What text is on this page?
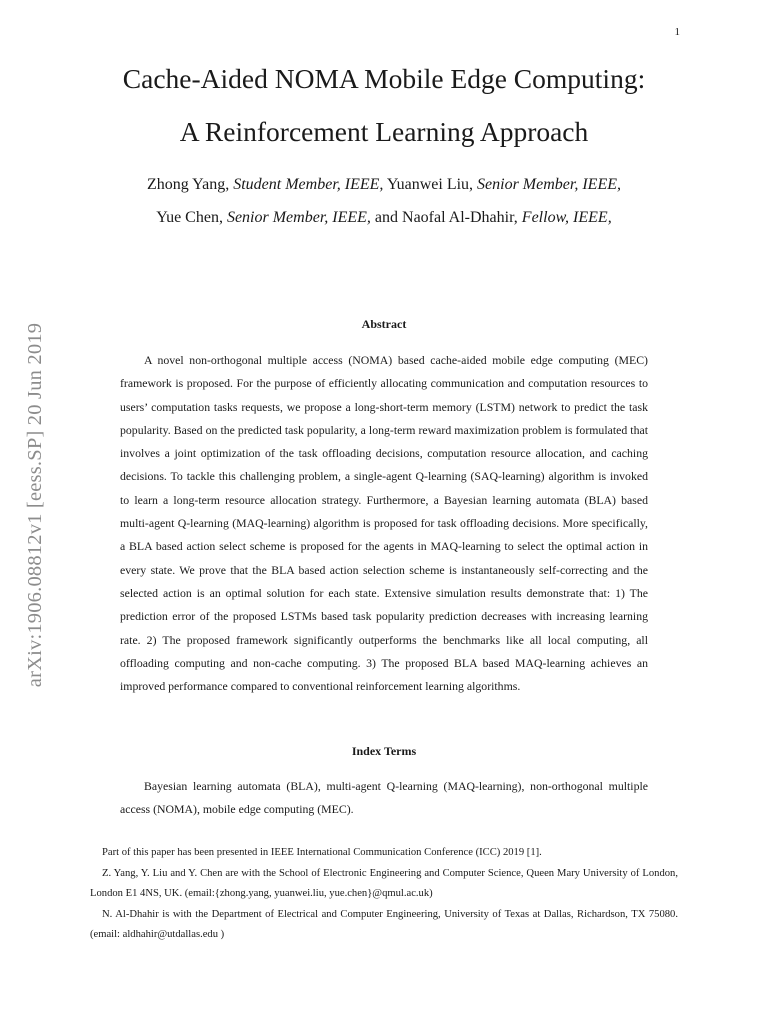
1
arXiv:1906.08812v1 [eess.SP] 20 Jun 2019
Cache-Aided NOMA Mobile Edge Computing:
A Reinforcement Learning Approach
Zhong Yang, Student Member, IEEE, Yuanwei Liu, Senior Member, IEEE,
Yue Chen, Senior Member, IEEE, and Naofal Al-Dhahir, Fellow, IEEE,
Abstract

A novel non-orthogonal multiple access (NOMA) based cache-aided mobile edge computing (MEC) framework is proposed. For the purpose of efficiently allocating communication and computation resources to users’ computation tasks requests, we propose a long-short-term memory (LSTM) network to predict the task popularity. Based on the predicted task popularity, a long-term reward maximization problem is formulated that involves a joint optimization of the task offloading decisions, computation resource allocation, and caching decisions. To tackle this challenging problem, a single-agent Q-learning (SAQ-learning) algorithm is invoked to learn a long-term resource allocation strategy. Furthermore, a Bayesian learning automata (BLA) based multi-agent Q-learning (MAQ-learning) algorithm is proposed for task offloading decisions. More specifically, a BLA based action select scheme is proposed for the agents in MAQ-learning to select the optimal action in every state. We prove that the BLA based action selection scheme is instantaneously self-correcting and the selected action is an optimal solution for each state. Extensive simulation results demonstrate that: 1) The prediction error of the proposed LSTMs based task popularity prediction decreases with increasing learning rate. 2) The proposed framework significantly outperforms the benchmarks like all local computing, all offloading computing and non-cache computing. 3) The proposed BLA based MAQ-learning achieves an improved performance compared to conventional reinforcement learning algorithms.

Index Terms

Bayesian learning automata (BLA), multi-agent Q-learning (MAQ-learning), non-orthogonal multiple access (NOMA), mobile edge computing (MEC).

Part of this paper has been presented in IEEE International Communication Conference (ICC) 2019 [1].

Z. Yang, Y. Liu and Y. Chen are with the School of Electronic Engineering and Computer Science, Queen Mary University of London, London E1 4NS, UK. (email:{zhong.yang, yuanwei.liu, yue.chen}@qmul.ac.uk)

N. Al-Dhahir is with the Department of Electrical and Computer Engineering, University of Texas at Dallas, Richardson, TX 75080. (email: aldhahir@utdallas.edu )
